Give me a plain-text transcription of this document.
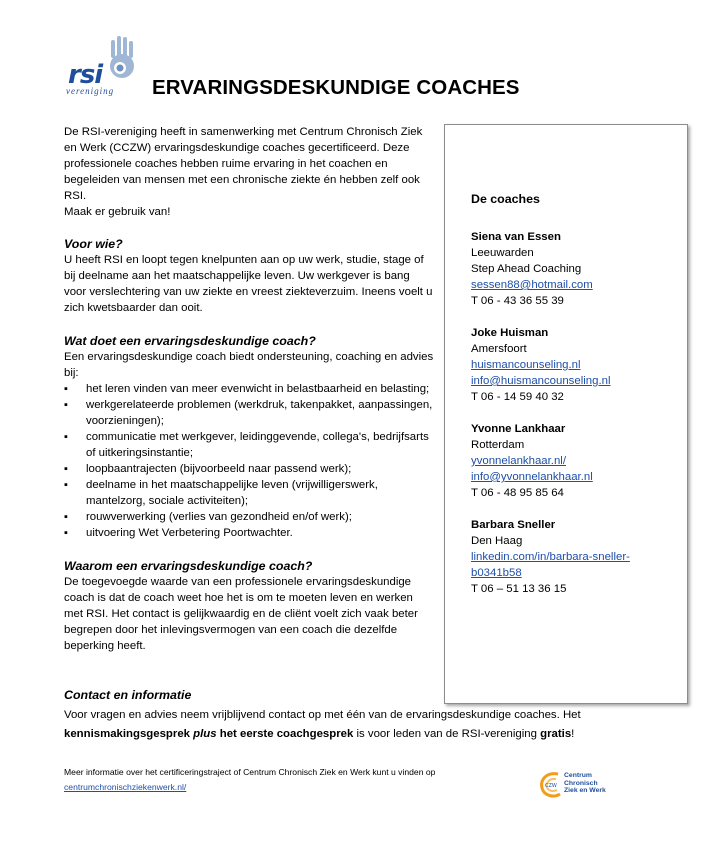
rsi
vereniging ERVARINGSDESKUNDIGE COACHES

De RSI-vereniging heeft in samenwerking met Centrum Chronisch Ziek en Werk (CCZW) ervaringsdeskundige coaches gecertificeerd. Deze professionele coaches hebben ruime ervaring in het coachen en begeleiden van mensen met een chronische ziekte én hebben zelf ook RSI.

Maak er gebruik van!

Voor wie?

U heeft RSI en loopt tegen knelpunten aan op uw werk, studie, stage of bij deelname aan het maatschappelijke leven. Uw werkgever is bang voor verslechtering van uw ziekte en vreest ziekteverzuim. Ineens voelt u zich kwetsbaarder dan ooit.

Wat doet een ervaringsdeskundige coach?

Een ervaringsdeskundige coach biedt ondersteuning, coaching en advies bij:

▪ het leren vinden van meer evenwicht in belastbaarheid en belasting;
▪ werkgerelateerde problemen (werkdruk, takenpakket, aanpassingen, voorzieningen);
▪ communicatie met werkgever, leidinggevende, collega's, bedrijfsarts of uitkeringsinstantie;
▪ loopbaantrajecten (bijvoorbeeld naar passend werk);
▪ deelname in het maatschappelijke leven (vrijwilligerswerk, mantelzorg, sociale activiteiten);
▪ rouwverwerking (verlies van gezondheid en/of werk);
▪ uitvoering Wet Verbetering Poortwachter.

Waarom een ervaringsdeskundige coach?

De toegevoegde waarde van een professionele ervaringsdeskundige coach is dat de coach weet hoe het is om te moeten leven en werken met RSI. Het contact is gelijkwaardig en de cliënt voelt zich vaak beter begrepen door het inlevingsvermogen van een coach die dezelfde beperking heeft.

Contact en informatie

Voor vragen en advies neem vrijblijvend contact op met één van de ervaringsdeskundige coaches. Het kennismakingsgesprek plus het eerste coachgesprek is voor leden van de RSI-vereniging gratis!

Meer informatie over het certificeringstraject of Centrum Chronisch Ziek en Werk kunt u vinden op
centrumchronischziekenwerk.nl/
De coaches
Siena van Essen
Leeuwarden
Step Ahead Coaching
sessen88@hotmail.com
T 06 - 43 36 55 39
Joke Huisman
Amersfoort
huismancounseling.nl
info@huismancounseling.nl
T 06 - 14 59 40 32
Yvonne Lankhaar
Rotterdam
yvonnelankhaar.nl/
info@yvonnelankhaar.nl
T 06 - 48 95 85 64
Barbara Sneller
Den Haag
linkedin.com/in/barbara-sneller-
b0341b58
T 06 – 51 13 36 15
CZW
Centrum
Chronisch
Ziek en Werk
